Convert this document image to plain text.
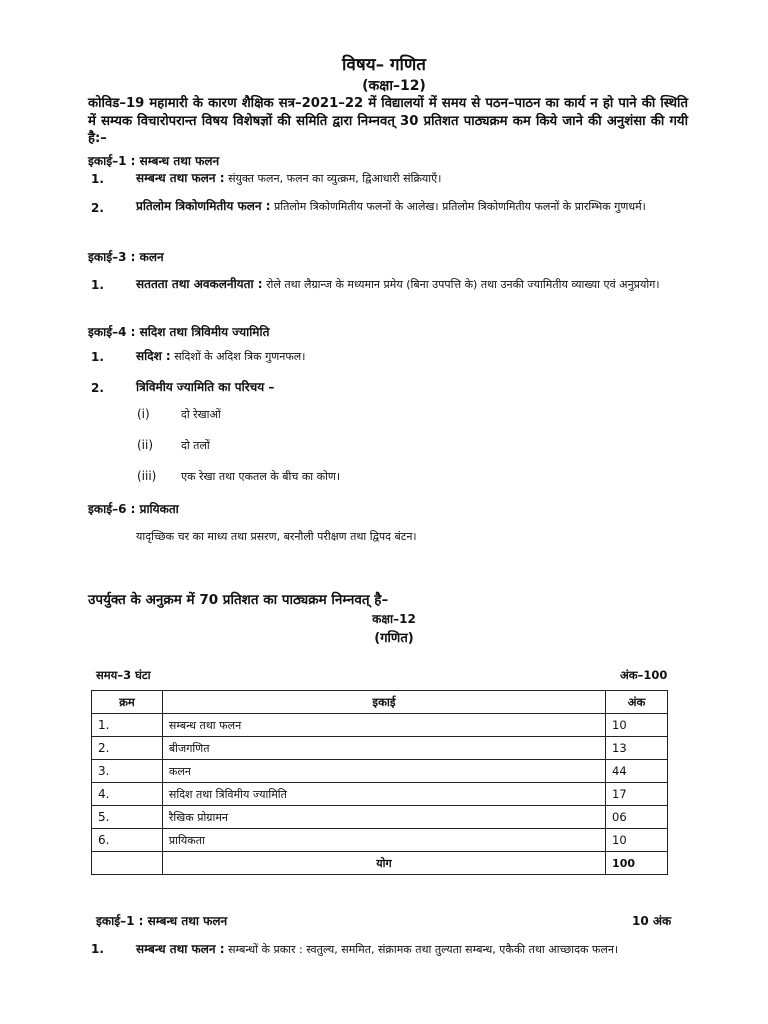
विषय– गणित
(कक्षा–12)
कोविड–19 महामारी के कारण शैक्षिक सत्र–2021–22 में विद्यालयों में समय से पठन–पाठन का कार्य न हो पाने की स्थिति में सम्यक विचारोपरान्त विषय विशेषज्ञों की समिति द्वारा निम्नवत् 30 प्रतिशत पाठ्यक्रम कम किये जाने की अनुशंसा की गयी है:–
इकाई–1 : सम्बन्ध तथा फलन
1.	सम्बन्ध तथा फलन : संयुक्त फलन, फलन का व्युत्क्रम, द्विआधारी संक्रियाएँ।
2.	प्रतिलोम त्रिकोणमितीय फलन : प्रतिलोम त्रिकोणमितीय फलनों के आलेख। प्रतिलोम त्रिकोणमितीय फलनों के प्रारम्भिक गुणधर्म।
इकाई–3 : कलन
1.	सततता तथा अवकलनीयता : रोले तथा लैग्रान्ज के मध्यमान प्रमेय (बिना उपपत्ति के) तथा उनकी ज्यामितीय व्याख्या एवं अनुप्रयोग।
इकाई–4 : सदिश तथा त्रिविमीय ज्यामिति
1.	सदिश : सदिशों के अदिश त्रिक गुणनफल।
2.	त्रिविमीय ज्यामिति का परिचय –
(i)	दो रेखाओं
(ii)	दो तलों
(iii) एक रेखा तथा एकतल के बीच का कोण।
इकाई–6 : प्रायिकता
यादृच्छिक चर का माध्य तथा प्रसरण, बरनौली परीक्षण तथा द्विपद बंटन।
उपर्युक्त के अनुक्रम में 70 प्रतिशत का पाठ्यक्रम निम्नवत् है–
कक्षा–12
(गणित)
समय–3 घंटा	अंक–100
क्रम	इकाई	अंक
1.	सम्बन्ध तथा फलन	10
2.	बीजगणित	13
3.	कलन	44
4.	सदिश तथा त्रिविमीय ज्यामिति	17
5.	रैखिक प्रोग्रामन	06
6.	प्रायिकता	10
	योग	100
इकाई–1 : सम्बन्ध तथा फलन	10 अंक
1.	सम्बन्ध तथा फलन : सम्बन्धों के प्रकार : स्वतुल्य, सममित, संक्रामक तथा तुल्यता सम्बन्ध, एकैकी तथा आच्छादक फलन।
